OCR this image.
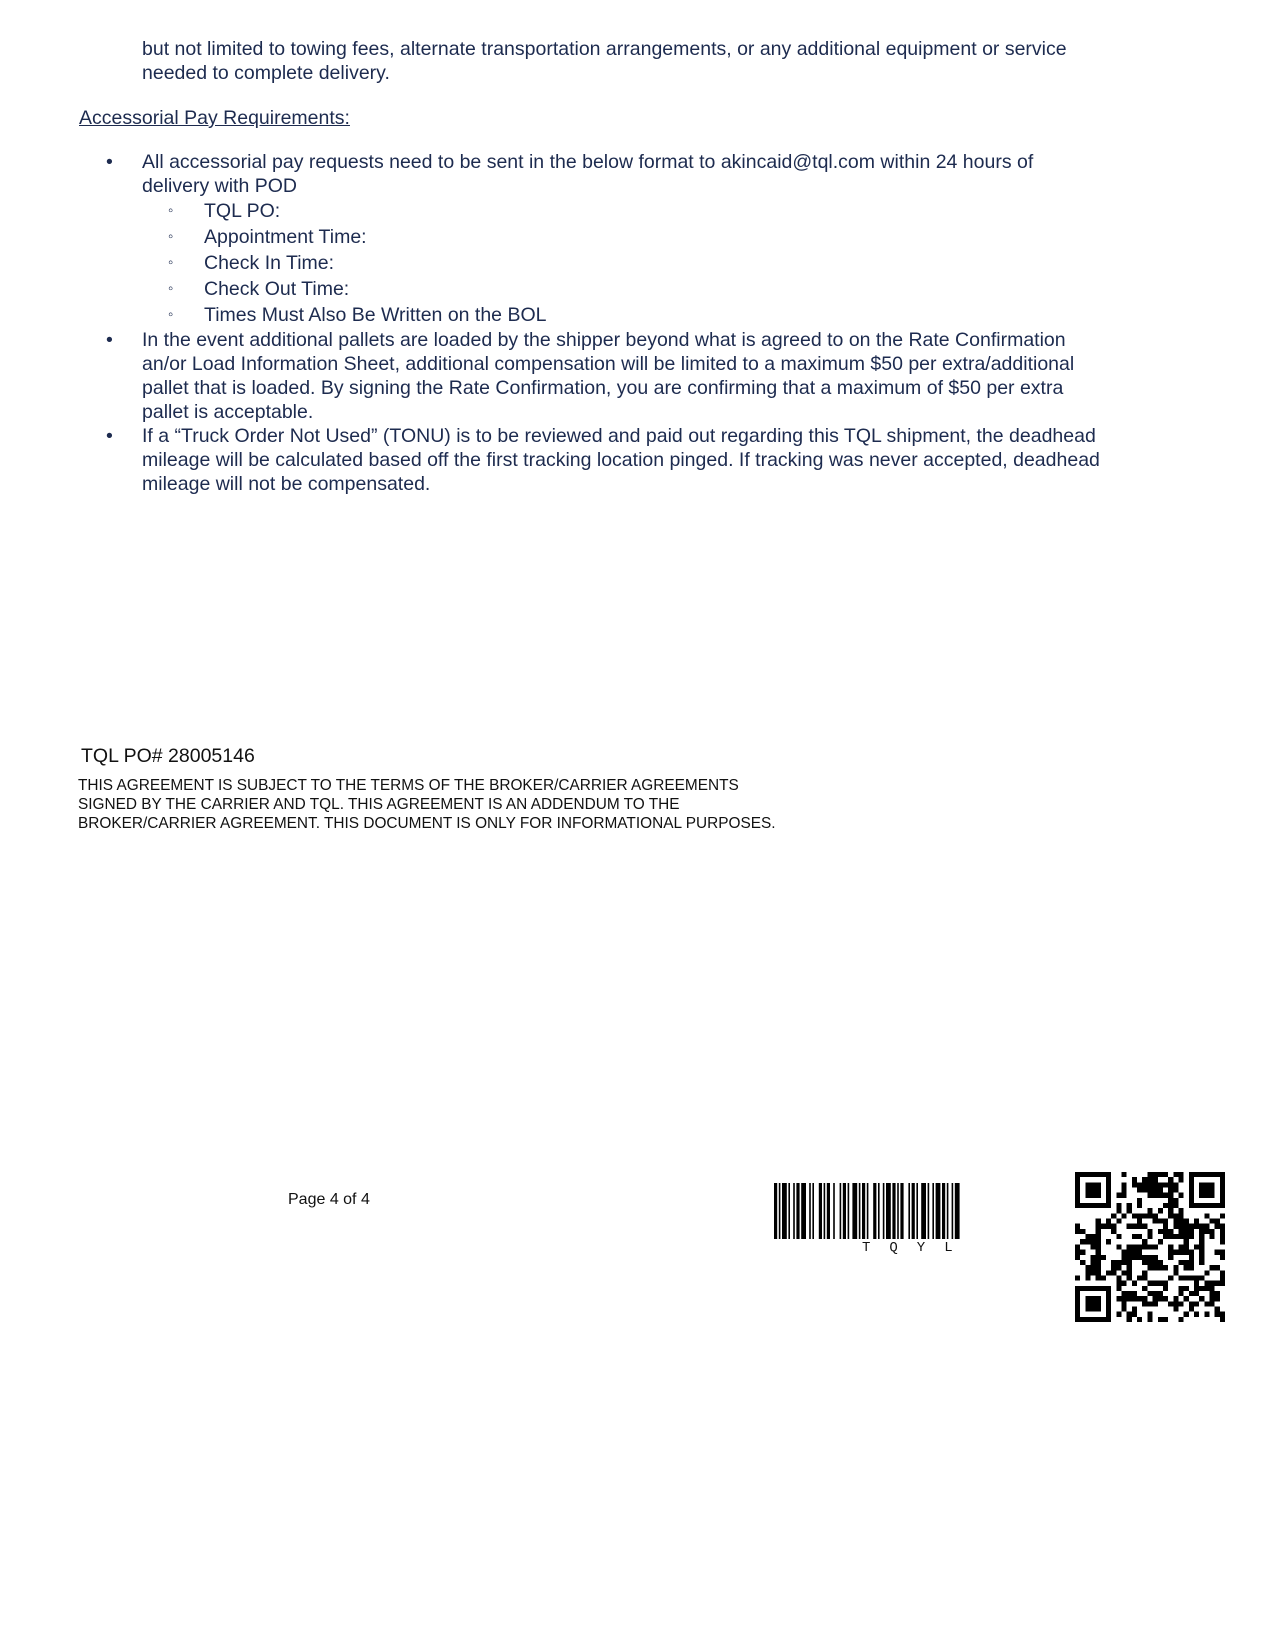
but not limited to towing fees, alternate transportation arrangements, or any additional equipment or service needed to complete delivery.
Accessorial Pay Requirements:
• All accessorial pay requests need to be sent in the below format to akincaid@tql.com within 24 hours of delivery with POD
◦ TQL PO:
◦ Appointment Time:
◦ Check In Time:
◦ Check Out Time:
◦ Times Must Also Be Written on the BOL
• In the event additional pallets are loaded by the shipper beyond what is agreed to on the Rate Confirmation an/or Load Information Sheet, additional compensation will be limited to a maximum $50 per extra/additional pallet that is loaded. By signing the Rate Confirmation, you are confirming that a maximum of $50 per extra pallet is acceptable.
• If a “Truck Order Not Used” (TONU) is to be reviewed and paid out regarding this TQL shipment, the deadhead mileage will be calculated based off the first tracking location pinged. If tracking was never accepted, deadhead mileage will not be compensated.
TQL PO# 28005146
THIS AGREEMENT IS SUBJECT TO THE TERMS OF THE BROKER/CARRIER AGREEMENTS SIGNED BY THE CARRIER AND TQL. THIS AGREEMENT IS AN ADDENDUM TO THE BROKER/CARRIER AGREEMENT. THIS DOCUMENT IS ONLY FOR INFORMATIONAL PURPOSES.
Page 4 of 4
TQYL
